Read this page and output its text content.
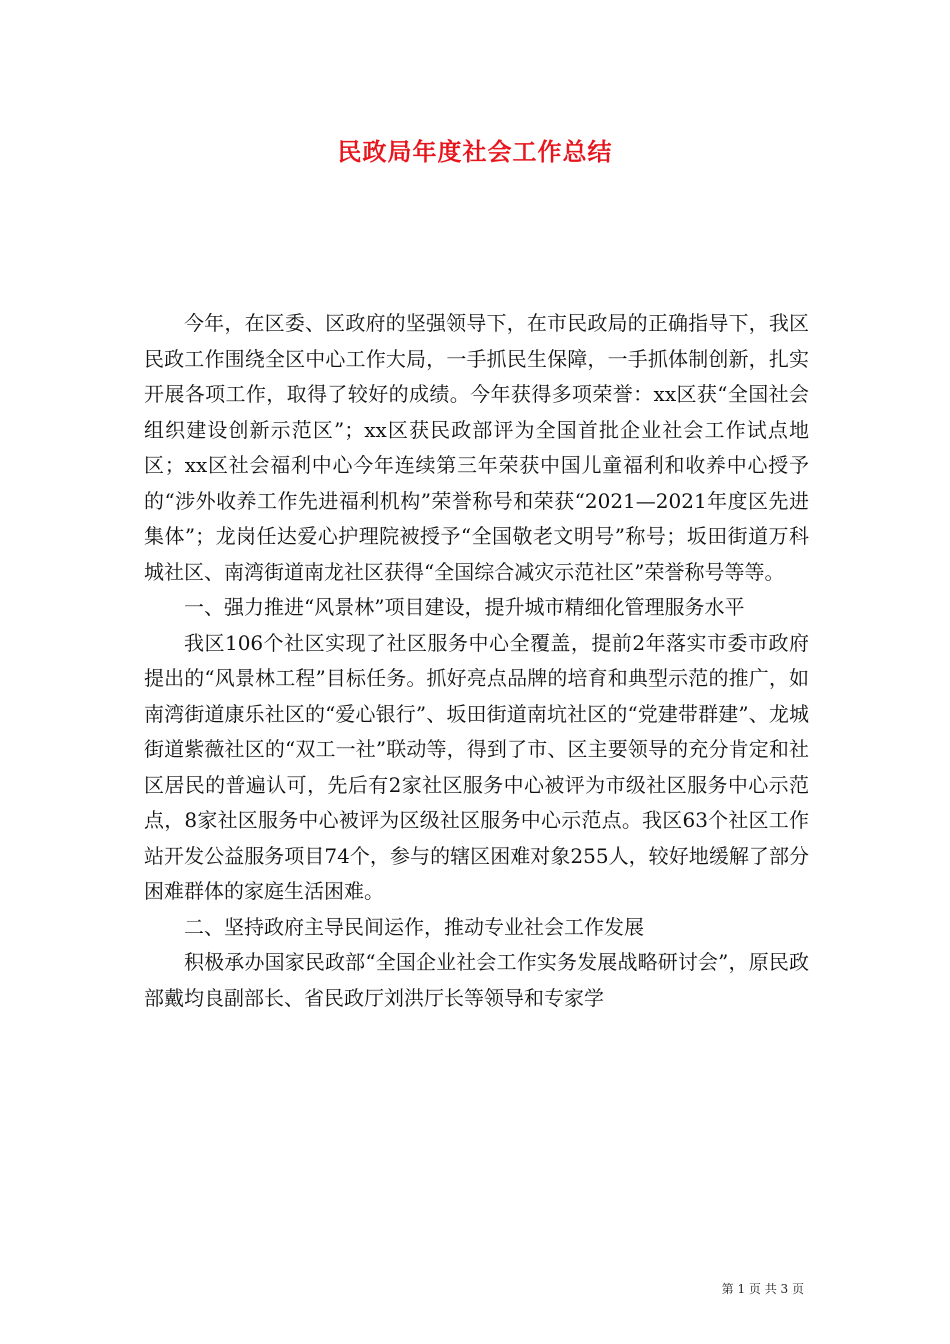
民政局年度社会工作总结

今年，在区委、区政府的坚强领导下，在市民政局的正确指导下，我区民政工作围绕全区中心工作大局，一手抓民生保障，一手抓体制创新，扎实开展各项工作，取得了较好的成绩。今年获得多项荣誉：xx区获“全国社会组织建设创新示范区”；xx区获民政部评为全国首批企业社会工作试点地区；xx区社会福利中心今年连续第三年荣获中国儿童福利和收养中心授予的“涉外收养工作先进福利机构”荣誉称号和荣获“2021—2021年度区先进集体”；龙岗任达爱心护理院被授予“全国敬老文明号”称号；坂田街道万科城社区、南湾街道南龙社区获得“全国综合减灾示范社区”荣誉称号等等。

一、强力推进“风景林”项目建设，提升城市精细化管理服务水平

我区106个社区实现了社区服务中心全覆盖，提前2年落实市委市政府提出的“风景林工程”目标任务。抓好亮点品牌的培育和典型示范的推广，如南湾街道康乐社区的“爱心银行”、坂田街道南坑社区的“党建带群建”、龙城街道紫薇社区的“双工一社”联动等，得到了市、区主要领导的充分肯定和社区居民的普遍认可，先后有2家社区服务中心被评为市级社区服务中心示范点，8家社区服务中心被评为区级社区服务中心示范点。我区63个社区工作站开发公益服务项目74个，参与的辖区困难对象255人，较好地缓解了部分困难群体的家庭生活困难。

二、坚持政府主导民间运作，推动专业社会工作发展

积极承办国家民政部“全国企业社会工作实务发展战略研讨会”，原民政部戴均良副部长、省民政厅刘洪厅长等领导和专家学

第 1 页 共 3 页
